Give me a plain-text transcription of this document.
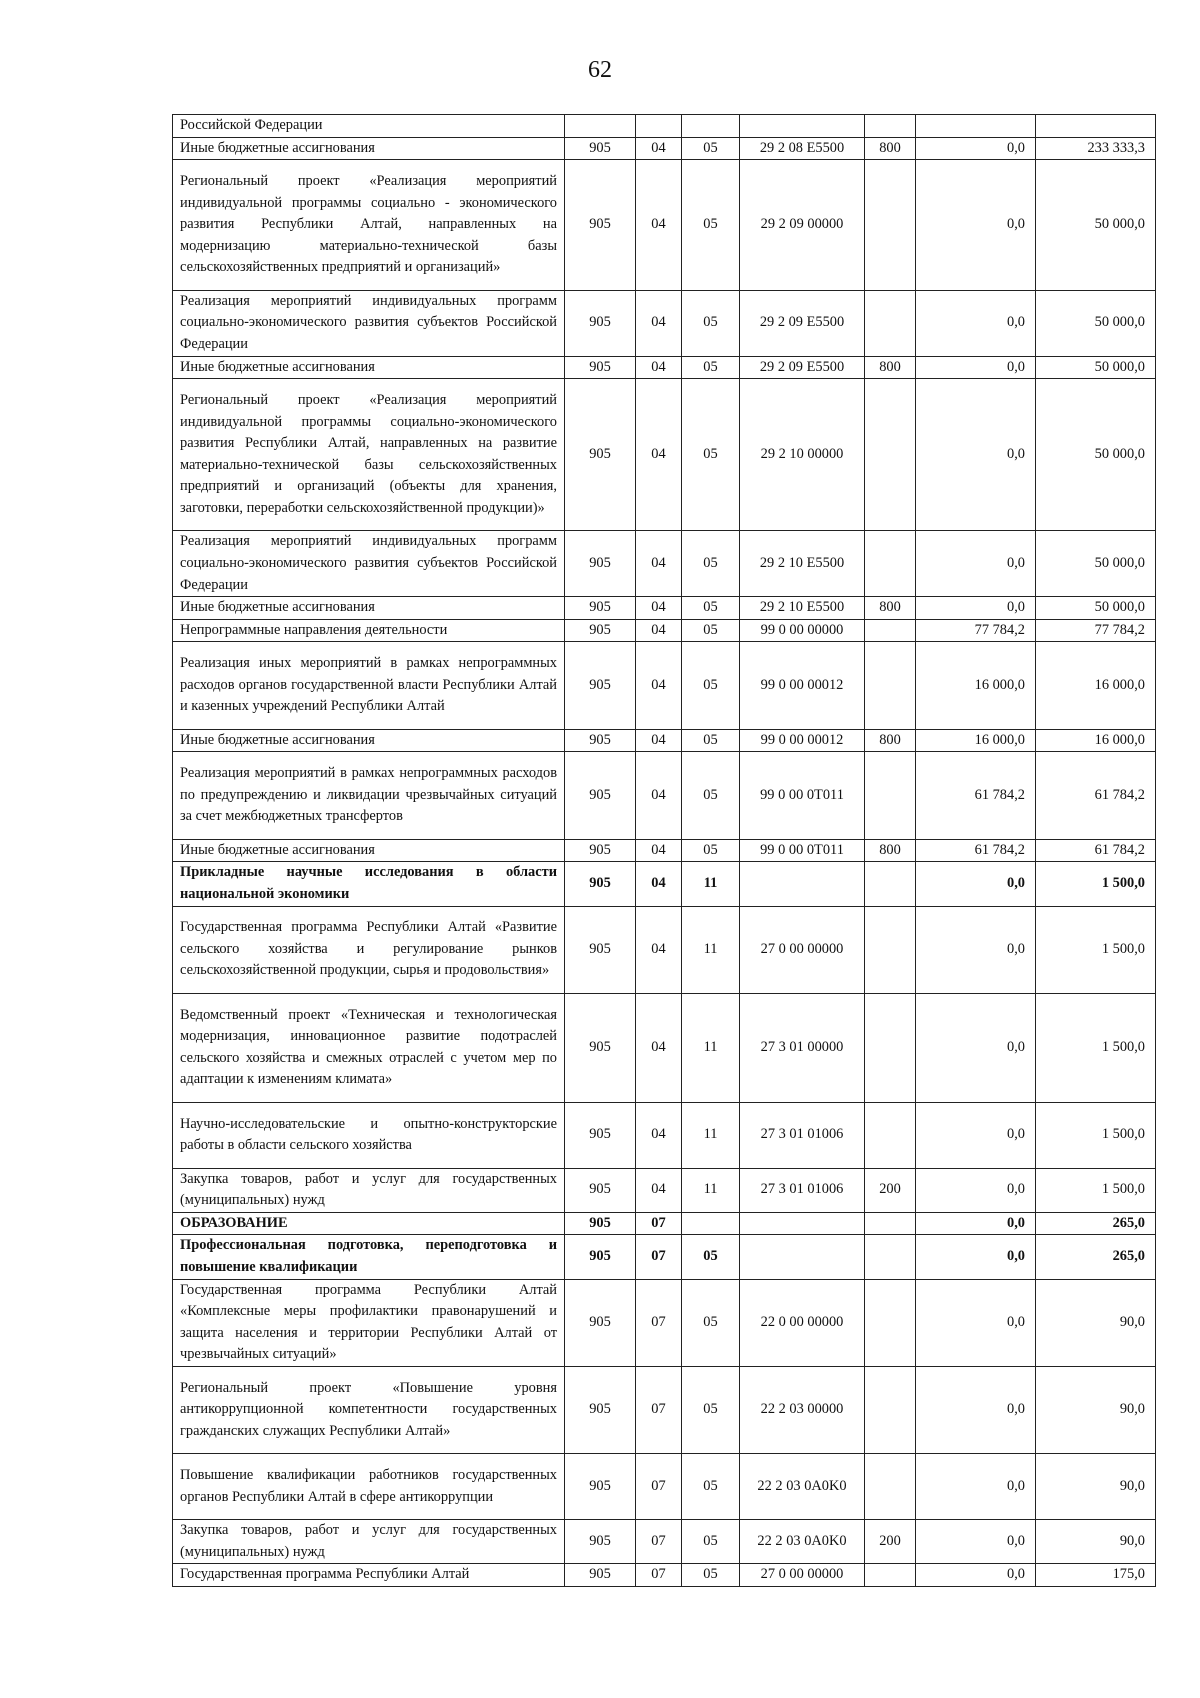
62
Российской Федерации							
Иные бюджетные ассигнования	905	04	05	29 2 08 E5500	800	0,0	233 333,3
Региональный проект «Реализация мероприятий индивидуальной программы социально - экономического развития Республики Алтай, направленных на модернизацию материально-технической базы сельскохозяйственных предприятий и организаций»	905	04	05	29 2 09 00000		0,0	50 000,0
Реализация мероприятий индивидуальных программ социально-экономического развития субъектов Российской Федерации	905	04	05	29 2 09 E5500		0,0	50 000,0
Иные бюджетные ассигнования	905	04	05	29 2 09 E5500	800	0,0	50 000,0
Региональный проект «Реализация мероприятий индивидуальной программы социально-экономического развития Республики Алтай, направленных на развитие материально-технической базы сельскохозяйственных предприятий и организаций (объекты для хранения, заготовки, переработки сельскохозяйственной продукции)»	905	04	05	29 2 10 00000		0,0	50 000,0
Реализация мероприятий индивидуальных программ социально-экономического развития субъектов Российской Федерации	905	04	05	29 2 10 E5500		0,0	50 000,0
Иные бюджетные ассигнования	905	04	05	29 2 10 E5500	800	0,0	50 000,0
Непрограммные направления деятельности	905	04	05	99 0 00 00000		77 784,2	77 784,2
Реализация иных мероприятий в рамках непрограммных расходов органов государственной власти Республики Алтай и казенных учреждений Республики Алтай	905	04	05	99 0 00 00012		16 000,0	16 000,0
Иные бюджетные ассигнования	905	04	05	99 0 00 00012	800	16 000,0	16 000,0
Реализация мероприятий в рамках непрограммных расходов по предупреждению и ликвидации чрезвычайных ситуаций за счет межбюджетных трансфертов	905	04	05	99 0 00 0T011		61 784,2	61 784,2
Иные бюджетные ассигнования	905	04	05	99 0 00 0T011	800	61 784,2	61 784,2
Прикладные научные исследования в области национальной экономики	905	04	11			0,0	1 500,0
Государственная программа Республики Алтай «Развитие сельского хозяйства и регулирование рынков сельскохозяйственной продукции, сырья и продовольствия»	905	04	11	27 0 00 00000		0,0	1 500,0
Ведомственный проект «Техническая и технологическая модернизация, инновационное развитие подотраслей сельского хозяйства и смежных отраслей с учетом мер по адаптации к изменениям климата»	905	04	11	27 3 01 00000		0,0	1 500,0
Научно-исследовательские и опытно-конструкторские работы в области сельского хозяйства	905	04	11	27 3 01 01006		0,0	1 500,0
Закупка товаров, работ и услуг для государственных (муниципальных) нужд	905	04	11	27 3 01 01006	200	0,0	1 500,0
ОБРАЗОВАНИЕ	905	07				0,0	265,0
Профессиональная подготовка, переподготовка и повышение квалификации	905	07	05			0,0	265,0
Государственная программа Республики Алтай «Комплексные меры профилактики правонарушений и защита населения и территории Республики Алтай от чрезвычайных ситуаций»	905	07	05	22 0 00 00000		0,0	90,0
Региональный проект «Повышение уровня антикоррупционной компетентности государственных гражданских служащих Республики Алтай»	905	07	05	22 2 03 00000		0,0	90,0
Повышение квалификации работников государственных органов Республики Алтай в сфере антикоррупции	905	07	05	22 2 03 0A0K0		0,0	90,0
Закупка товаров, работ и услуг для государственных (муниципальных) нужд	905	07	05	22 2 03 0A0K0	200	0,0	90,0
Государственная программа Республики Алтай	905	07	05	27 0 00 00000		0,0	175,0
